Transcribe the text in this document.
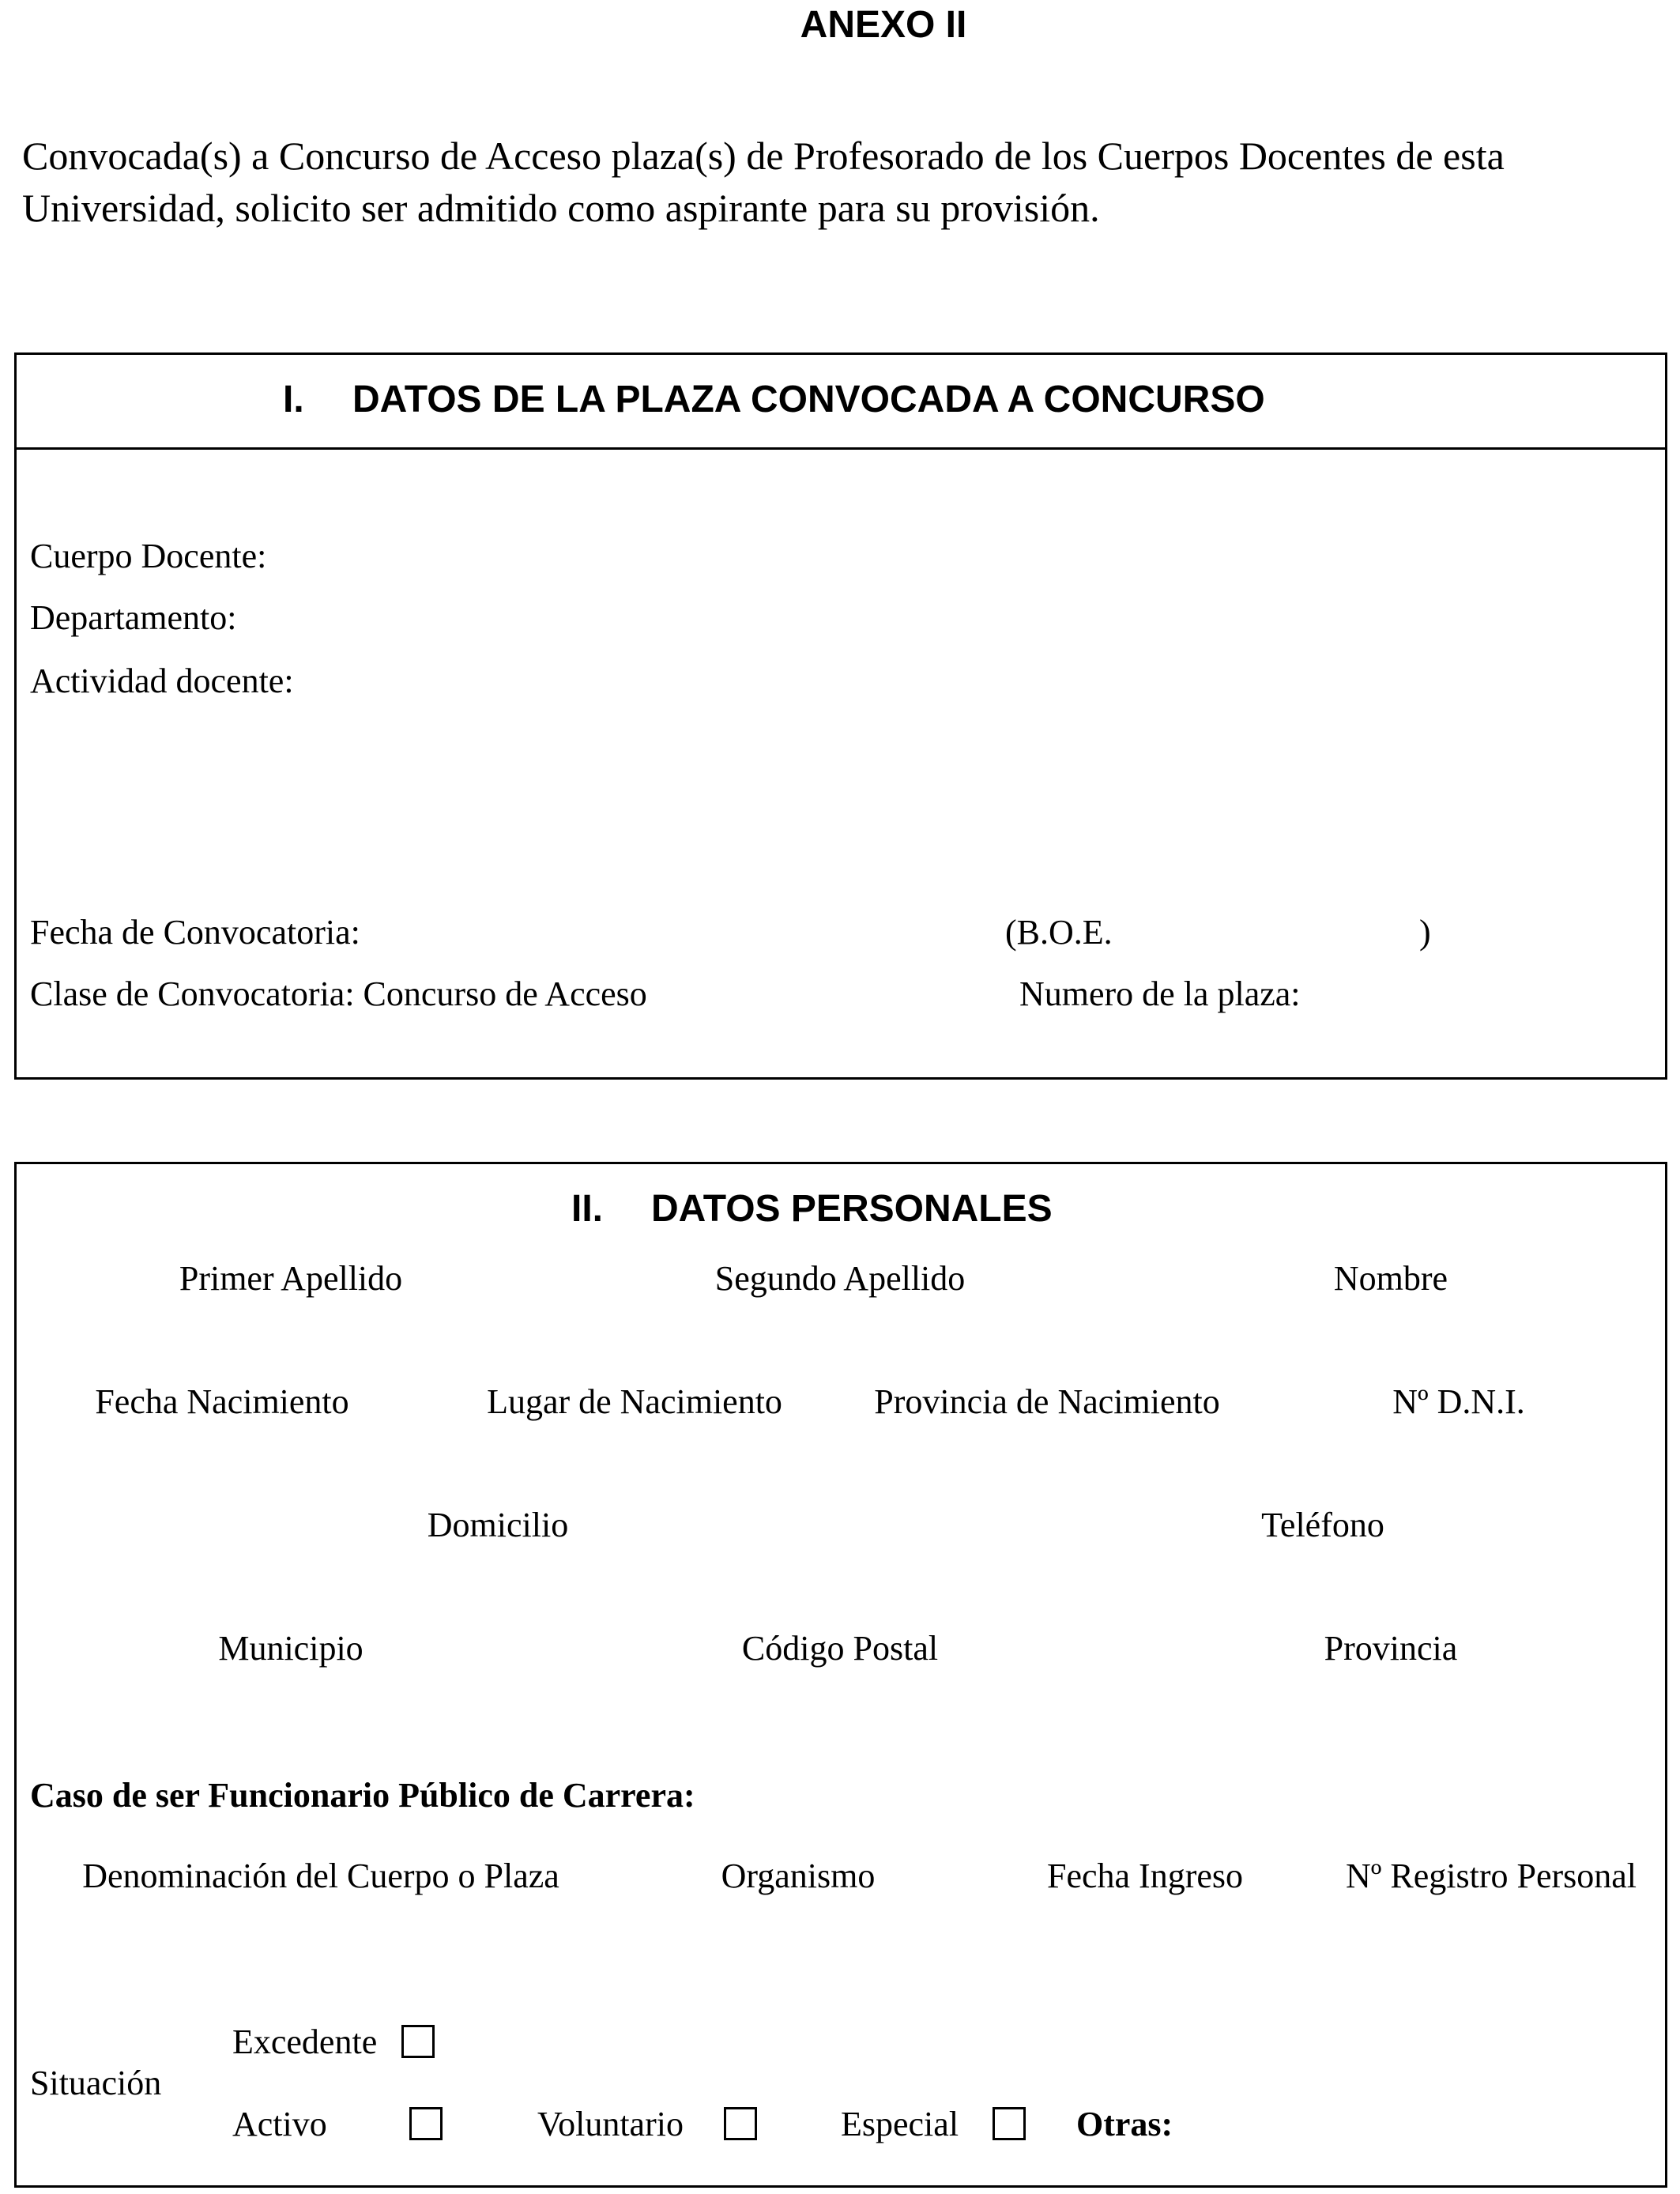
ANEXO II
Convocada(s) a Concurso de Acceso plaza(s) de Profesorado de los Cuerpos Docentes de esta
Universidad, solicito ser admitido como aspirante para su provisión.
I. DATOS DE LA PLAZA CONVOCADA A CONCURSO
Cuerpo Docente:
Departamento:
Actividad docente:
Fecha de Convocatoria:	(B.O.E.	)
Clase de Convocatoria: Concurso de Acceso	Numero de la plaza:
II. DATOS PERSONALES
Primer Apellido	Segundo Apellido	Nombre
Fecha Nacimiento	Lugar de Nacimiento	Provincia de Nacimiento	Nº D.N.I.
Domicilio	Teléfono
Municipio	Código Postal	Provincia
Caso de ser Funcionario Público de Carrera:
Denominación del Cuerpo o Plaza	Organismo	Fecha Ingreso	Nº Registro Personal
Situación
Excedente
Activo	Voluntario	Especial	Otras:
